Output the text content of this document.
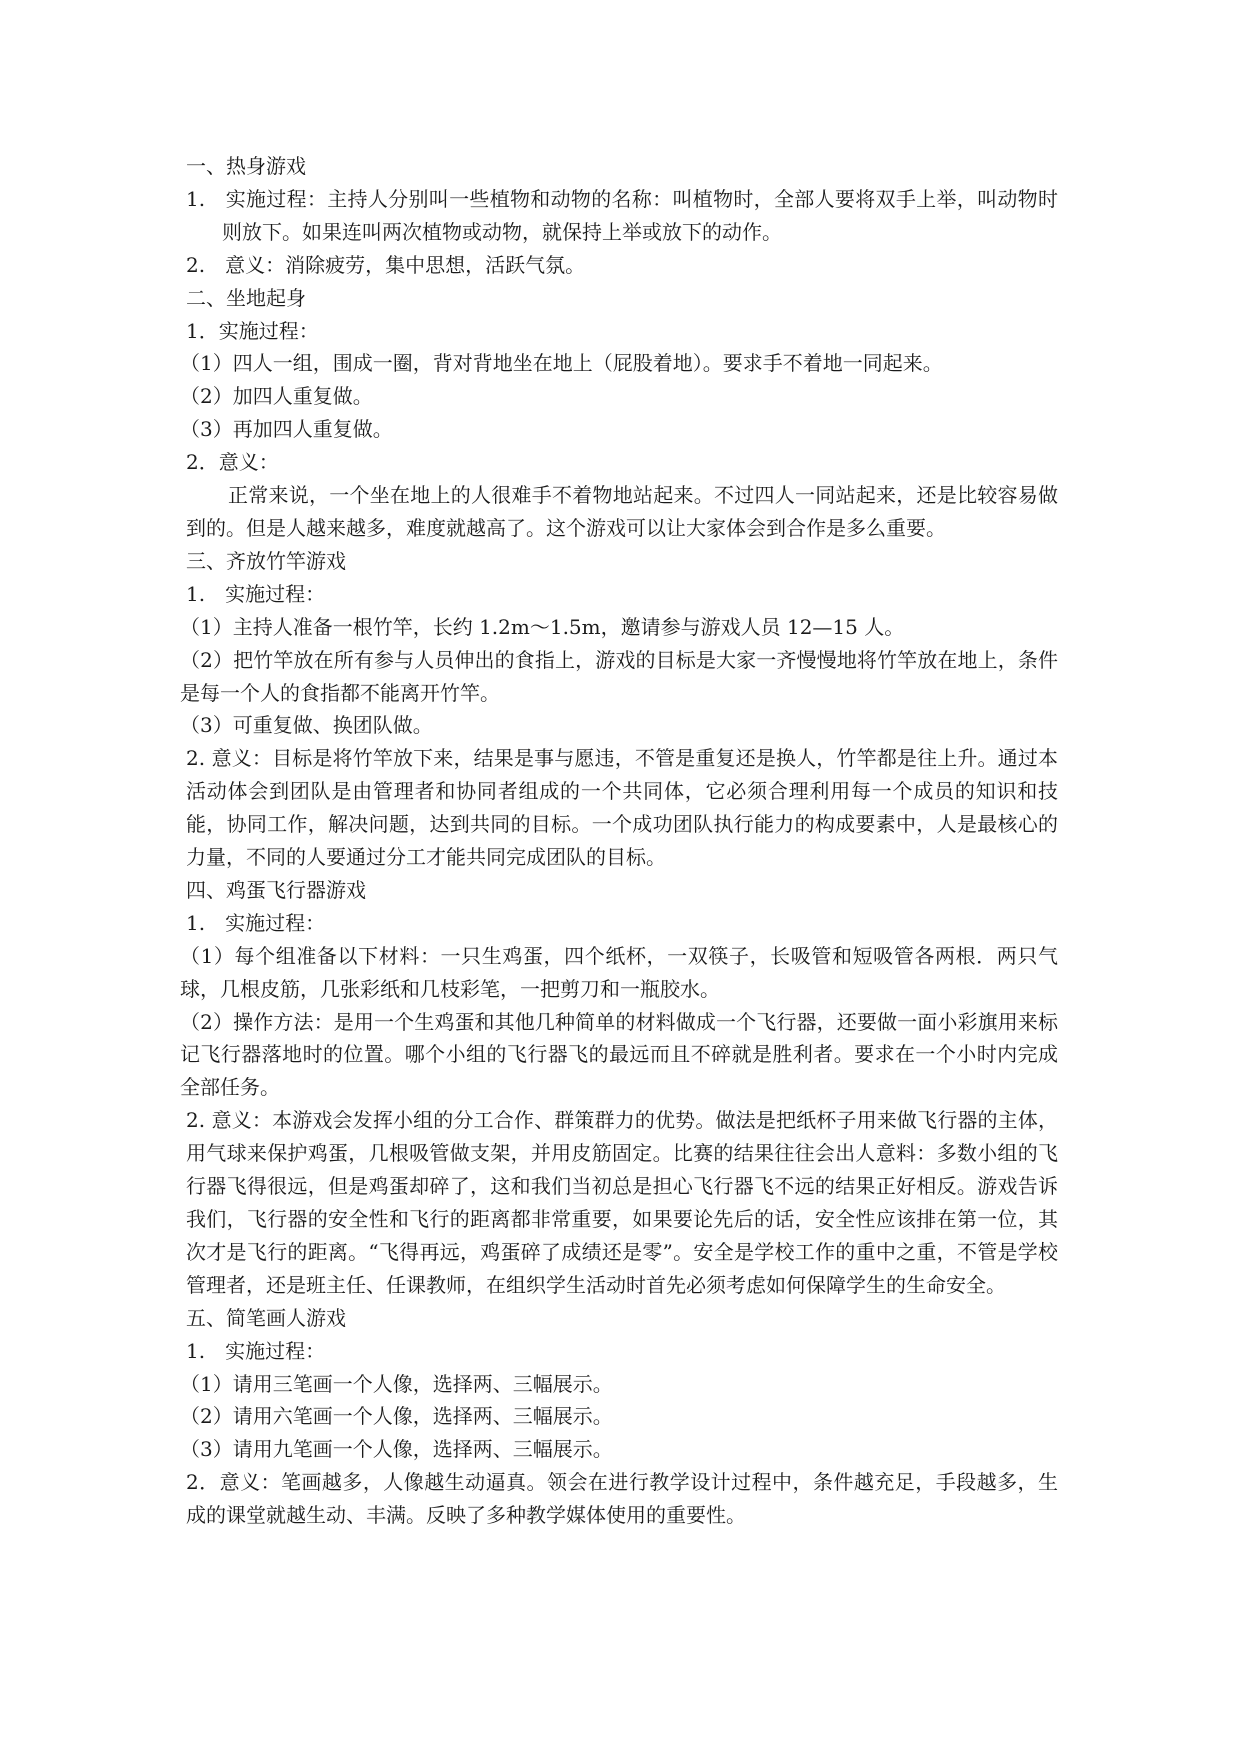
一、热身游戏
1.　实施过程：主持人分别叫一些植物和动物的名称：叫植物时，全部人要将双手上举，叫动物时则放下。如果连叫两次植物或动物，就保持上举或放下的动作。
2.　意义：消除疲劳，集中思想，活跃气氛。
二、坐地起身
1．实施过程：
（1）四人一组，围成一圈，背对背地坐在地上（屁股着地）。要求手不着地一同起来。
（2）加四人重复做。
（3）再加四人重复做。
2．意义：
正常来说，一个坐在地上的人很难手不着物地站起来。不过四人一同站起来，还是比较容易做到的。但是人越来越多，难度就越高了。这个游戏可以让大家体会到合作是多么重要。
三、齐放竹竿游戏
1.　实施过程：
（1）主持人准备一根竹竿，长约 1.2m～1.5m，邀请参与游戏人员 12—15 人。
（2）把竹竿放在所有参与人员伸出的食指上，游戏的目标是大家一齐慢慢地将竹竿放在地上，条件是每一个人的食指都不能离开竹竿。
（3）可重复做、换团队做。
2. 意义：目标是将竹竿放下来，结果是事与愿违，不管是重复还是换人，竹竿都是往上升。通过本活动体会到团队是由管理者和协同者组成的一个共同体，它必须合理利用每一个成员的知识和技能，协同工作，解决问题，达到共同的目标。一个成功团队执行能力的构成要素中，人是最核心的力量，不同的人要通过分工才能共同完成团队的目标。
四、鸡蛋飞行器游戏
1.　实施过程：
（1）每个组准备以下材料：一只生鸡蛋，四个纸杯，一双筷子，长吸管和短吸管各两根．两只气球，几根皮筋，几张彩纸和几枝彩笔，一把剪刀和一瓶胶水。
（2）操作方法：是用一个生鸡蛋和其他几种简单的材料做成一个飞行器，还要做一面小彩旗用来标记飞行器落地时的位置。哪个小组的飞行器飞的最远而且不碎就是胜利者。要求在一个小时内完成全部任务。
2. 意义：本游戏会发挥小组的分工合作、群策群力的优势。做法是把纸杯子用来做飞行器的主体，用气球来保护鸡蛋，几根吸管做支架，并用皮筋固定。比赛的结果往往会出人意料：多数小组的飞行器飞得很远，但是鸡蛋却碎了，这和我们当初总是担心飞行器飞不远的结果正好相反。游戏告诉我们，飞行器的安全性和飞行的距离都非常重要，如果要论先后的话，安全性应该排在第一位，其次才是飞行的距离。“飞得再远，鸡蛋碎了成绩还是零”。安全是学校工作的重中之重，不管是学校管理者，还是班主任、任课教师，在组织学生活动时首先必须考虑如何保障学生的生命安全。
五、简笔画人游戏
1.　实施过程：
（1）请用三笔画一个人像，选择两、三幅展示。
（2）请用六笔画一个人像，选择两、三幅展示。
（3）请用九笔画一个人像，选择两、三幅展示。
2．意义：笔画越多，人像越生动逼真。领会在进行教学设计过程中，条件越充足，手段越多，生成的课堂就越生动、丰满。反映了多种教学媒体使用的重要性。
